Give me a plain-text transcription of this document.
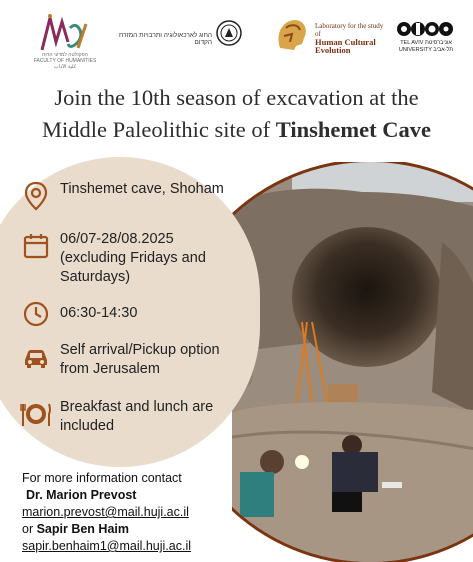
הפקולטה למדעי הרוח
FACULTY OF HUMANITIES
كلية الآداب
החוג לארכאולוגיה ותרבויות המזרח הקדום
Laboratory for the study of
Human Cultural
Evolution
TEL AVIV אוניברסיטת
UNIVERSITY תל-אביב
Join the 10th season of excavation at the
Middle Paleolithic site of Tinshemet Cave
Tinshemet cave, Shoham
06/07-28/08.2025 (excluding Fridays and Saturdays)
06:30-14:30
Self arrival/Pickup option from Jerusalem
Breakfast and lunch are included
For more information contact
Dr. Marion Prevost
marion.prevost@mail.huji.ac.il
or Sapir Ben Haim
sapir.benhaim1@mail.huji.ac.il
